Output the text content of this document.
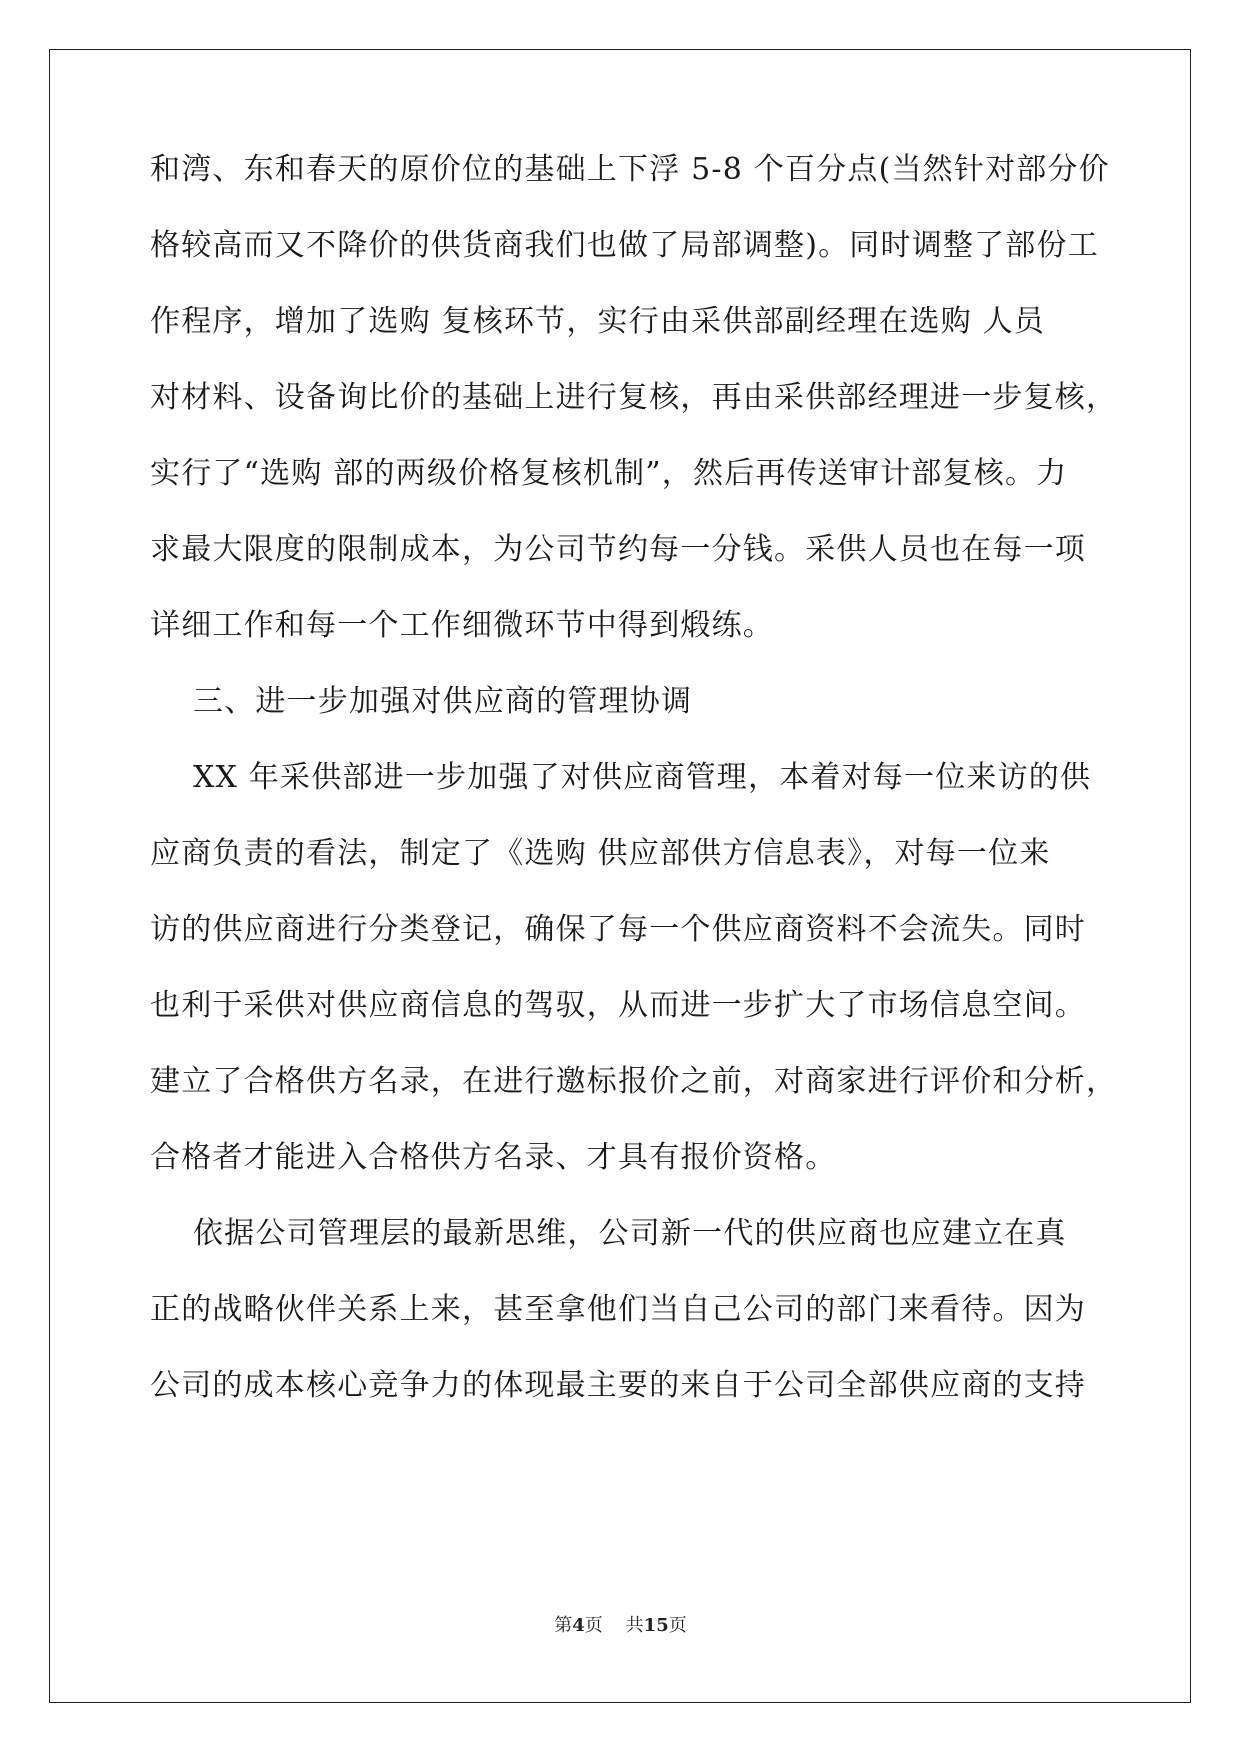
和湾、东和春天的原价位的基础上下浮 5-8 个百分点(当然针对部分价
格较高而又不降价的供货商我们也做了局部调整)。同时调整了部份工
作程序，增加了选购 复核环节，实行由采供部副经理在选购 人员
对材料、设备询比价的基础上进行复核，再由采供部经理进一步复核，
实行了“选购 部的两级价格复核机制”，然后再传送审计部复核。力
求最大限度的限制成本，为公司节约每一分钱。采供人员也在每一项
详细工作和每一个工作细微环节中得到煅练。
三、进一步加强对供应商的管理协调
XX 年采供部进一步加强了对供应商管理，本着对每一位来访的供
应商负责的看法，制定了《选购 供应部供方信息表》，对每一位来
访的供应商进行分类登记，确保了每一个供应商资料不会流失。同时
也利于采供对供应商信息的驾驭，从而进一步扩大了市场信息空间。
建立了合格供方名录，在进行邀标报价之前，对商家进行评价和分析，
合格者才能进入合格供方名录、才具有报价资格。
依据公司管理层的最新思维，公司新一代的供应商也应建立在真
正的战略伙伴关系上来，甚至拿他们当自己公司的部门来看待。因为
公司的成本核心竞争力的体现最主要的来自于公司全部供应商的支持
第4页 共15页
